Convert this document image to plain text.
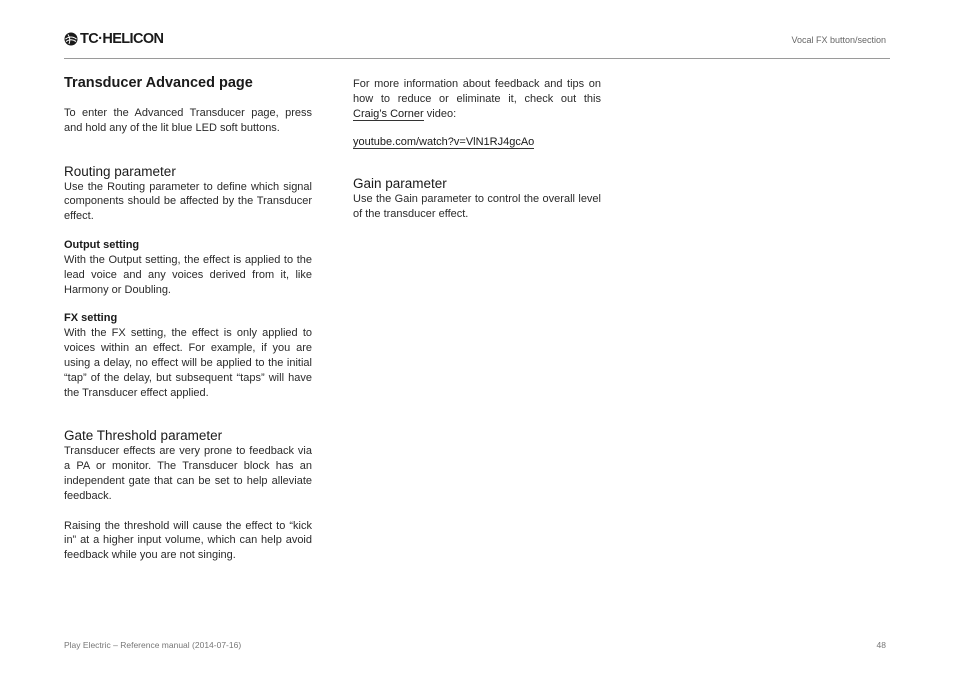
TC·HELICON	Vocal FX button/section
Transducer Advanced page

To enter the Advanced Transducer page, press and hold any of the lit blue LED soft buttons.

Routing parameter

Use the Routing parameter to define which signal components should be affected by the Transducer effect.

Output setting

With the Output setting, the effect is applied to the lead voice and any voices derived from it, like Harmony or Doubling.

FX setting

With the FX setting, the effect is only applied to voices within an effect. For example, if you are using a delay, no effect will be applied to the initial “tap” of the delay, but subsequent “taps” will have the Transducer effect applied.

Gate Threshold parameter

Transducer effects are very prone to feedback via a PA or monitor. The Transducer block has an independent gate that can be set to help alleviate feedback.

Raising the threshold will cause the effect to “kick in” at a higher input volume, which can help avoid feedback while you are not singing.

For more information about feedback and tips on how to reduce or eliminate it, check out this Craig’s Corner video:

youtube.com/watch?v=VlN1RJ4gcAo

Gain parameter

Use the Gain parameter to control the overall level of the transducer effect.

Play Electric – Reference manual (2014-07-16)	48
